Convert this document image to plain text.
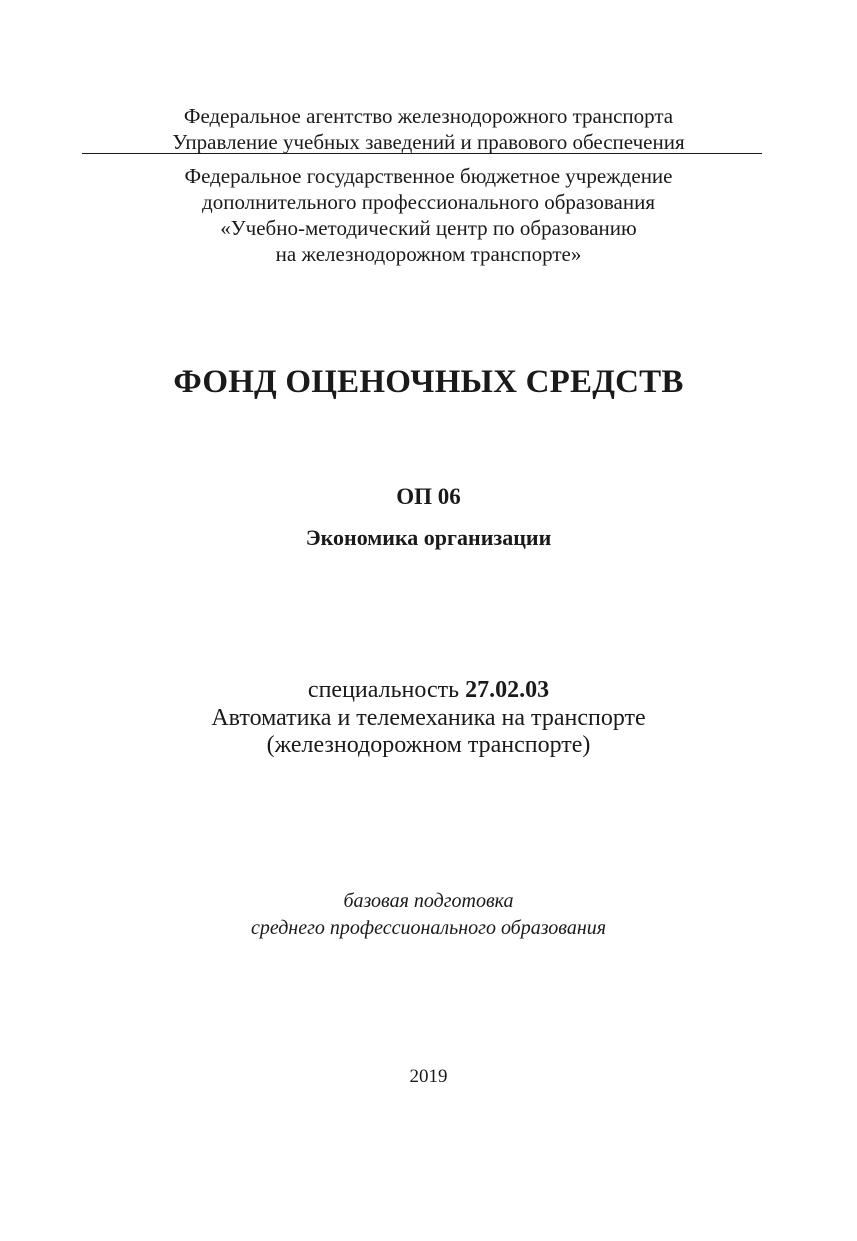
Федеральное агентство железнодорожного транспорта
Управление учебных заведений и правового обеспечения
Федеральное государственное бюджетное учреждение
дополнительного профессионального образования
«Учебно-методический центр по образованию
на железнодорожном транспорте»
ФОНД ОЦЕНОЧНЫХ СРЕДСТВ
ОП 06
Экономика организации
специальность 27.02.03
Автоматика и телемеханика на транспорте
(железнодорожном транспорте)
базовая подготовка
среднего профессионального образования
2019
